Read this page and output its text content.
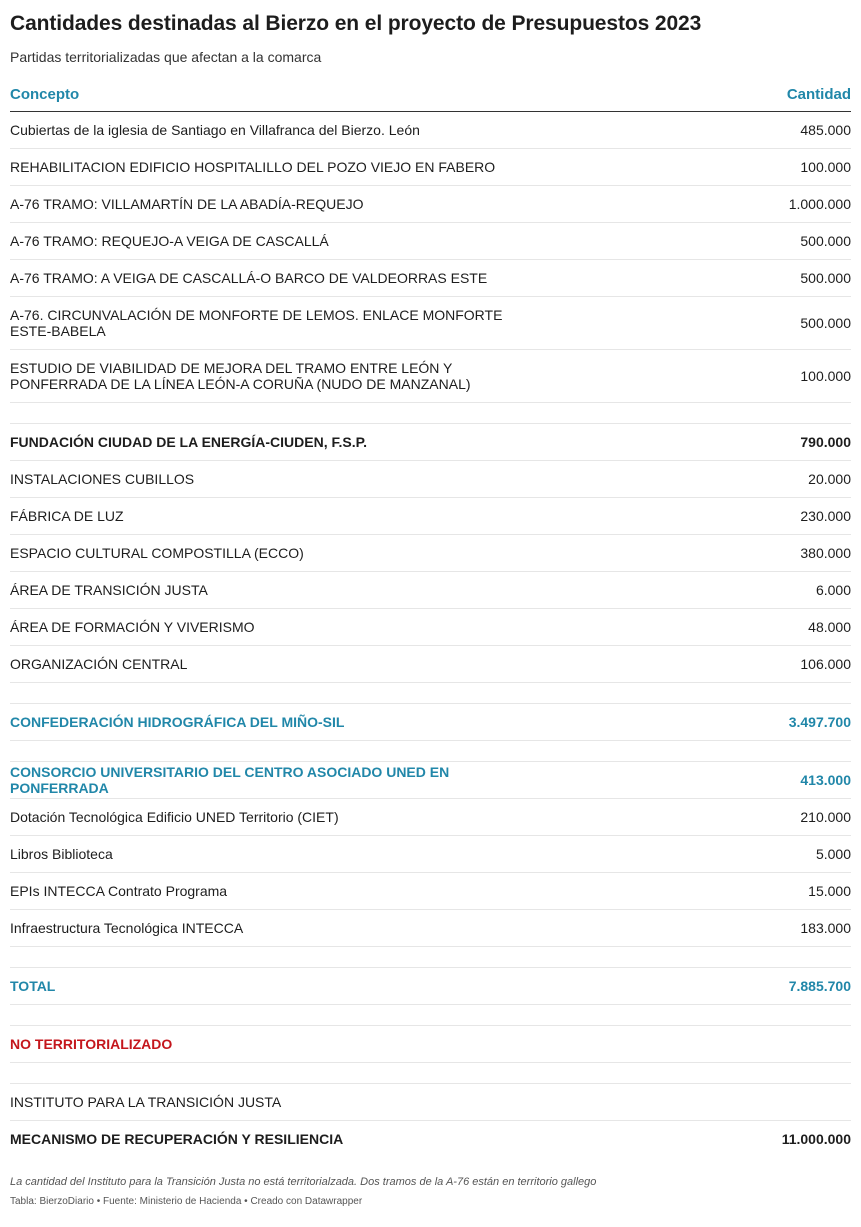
Cantidades destinadas al Bierzo en el proyecto de Presupuestos 2023

Partidas territorializadas que afectan a la comarca

Concepto	Cantidad
Cubiertas de la iglesia de Santiago en Villafranca del Bierzo. León	485.000
REHABILITACION EDIFICIO HOSPITALILLO DEL POZO VIEJO EN FABERO	100.000
A-76 TRAMO: VILLAMARTÍN DE LA ABADÍA-REQUEJO	1.000.000
A-76 TRAMO: REQUEJO-A VEIGA DE CASCALLÁ	500.000
A-76 TRAMO: A VEIGA DE CASCALLÁ-O BARCO DE VALDEORRAS ESTE	500.000
A-76. CIRCUNVALACIÓN DE MONFORTE DE LEMOS. ENLACE MONFORTE ESTE-BABELA	500.000
ESTUDIO DE VIABILIDAD DE MEJORA DEL TRAMO ENTRE LEÓN Y PONFERRADA DE LA LÍNEA LEÓN-A CORUÑA (NUDO DE MANZANAL)	100.000
FUNDACIÓN CIUDAD DE LA ENERGÍA-CIUDEN, F.S.P.	790.000
INSTALACIONES CUBILLOS	20.000
FÁBRICA DE LUZ	230.000
ESPACIO CULTURAL COMPOSTILLA (ECCO)	380.000
ÁREA DE TRANSICIÓN JUSTA	6.000
ÁREA DE FORMACIÓN Y VIVERISMO	48.000
ORGANIZACIÓN CENTRAL	106.000
CONFEDERACIÓN HIDROGRÁFICA DEL MIÑO-SIL	3.497.700
CONSORCIO UNIVERSITARIO DEL CENTRO ASOCIADO UNED EN PONFERRADA	413.000
Dotación Tecnológica Edificio UNED Territorio (CIET)	210.000
Libros Biblioteca	5.000
EPIs INTECCA Contrato Programa	15.000
Infraestructura Tecnológica INTECCA	183.000
TOTAL	7.885.700
NO TERRITORIALIZADO
INSTITUTO PARA LA TRANSICIÓN JUSTA
MECANISMO DE RECUPERACIÓN Y RESILIENCIA	11.000.000
La cantidad del Instituto para la Transición Justa no está territorialzada. Dos tramos de la A-76 están en territorio gallego
Tabla: BierzoDiario • Fuente: Ministerio de Hacienda • Creado con Datawrapper
